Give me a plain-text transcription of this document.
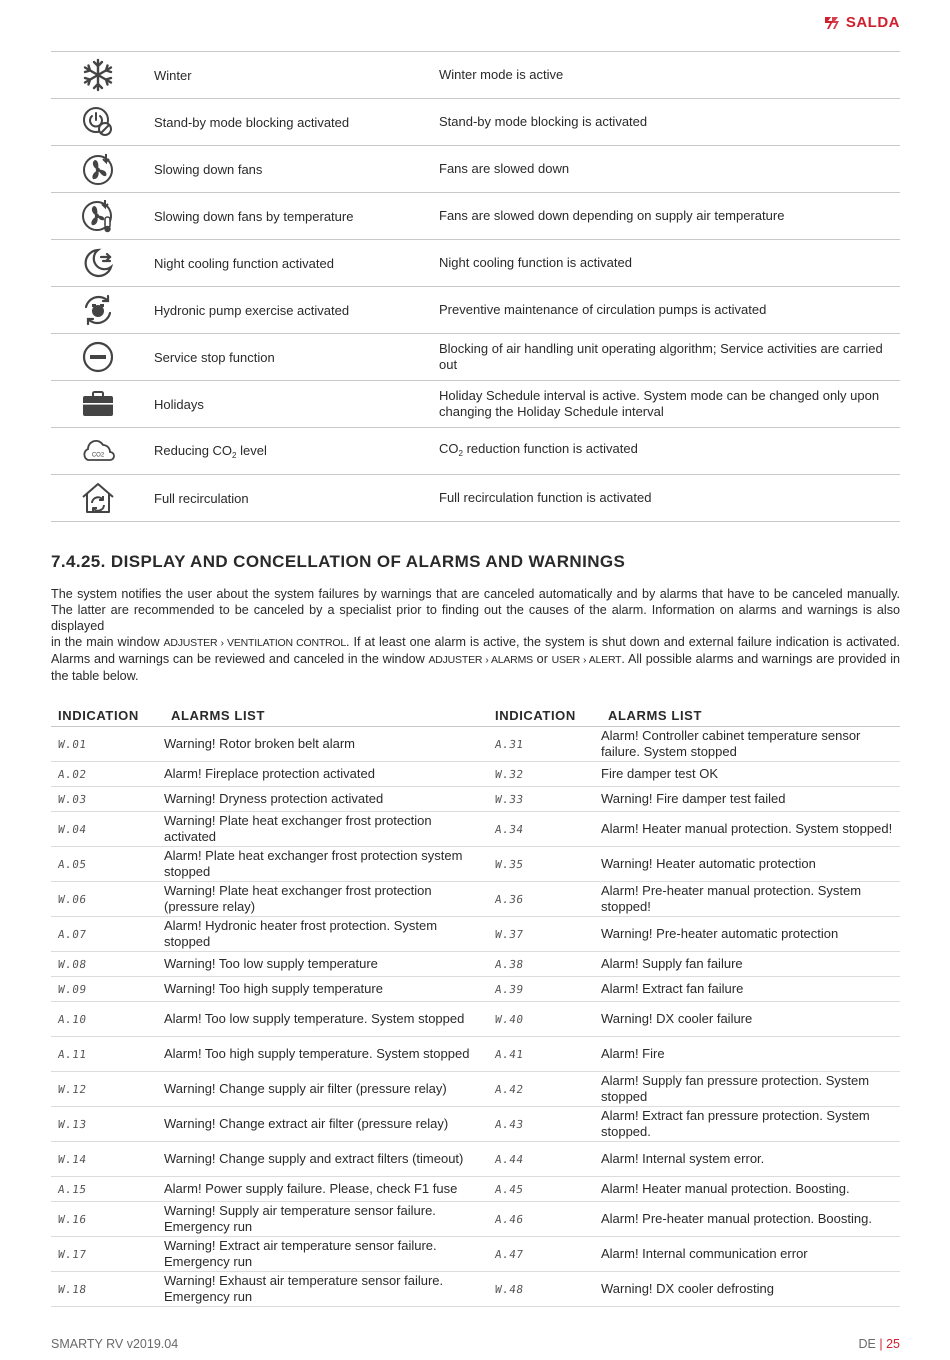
SALDA
	Winter	Winter mode is active

	Stand-by mode blocking activated	Stand-by mode blocking is activated

	Slowing down fans	Fans are slowed down

	Slowing down fans by temperature	Fans are slowed down depending on supply air temperature

	Night cooling function activated	Night cooling function is activated

	Hydronic pump exercise activated	Preventive maintenance of circulation pumps is activated

	Service stop function	Blocking of air handling unit operating algorithm; Service activities are carried out

	Holidays	Holiday Schedule interval is active. System mode can be changed only upon changing the Holiday Schedule interval

CO2	Reducing $CO_2$ level	$CO_2$ reduction function is activated

	Full recirculation	Full recirculation function is activated
7.4.25. DISPLAY AND CONCELLATION OF ALARMS AND WARNINGS

The system notifies the user about the system failures by warnings that are canceled automatically and by alarms that have to be canceled manually. The latter are recommended to be canceled by a specialist prior to finding out the causes of the alarm. Information on alarms and warnings is also displayed
in the main window ADJUSTER › VENTILATION CONTROL. If at least one alarm is active, the system is shut down and external failure indication is activated. Alarms and warnings can be reviewed and canceled in the window ADJUSTER › ALARMS or USER › ALERT. All possible alarms and warnings are provided in the table below.

INDICATION	ALARMS LIST	INDICATION	ALARMS LIST
W.01	Warning! Rotor broken belt alarm	A.31	Alarm! Controller cabinet temperature sensor failure. System stopped
A.02	Alarm! Fireplace protection activated	W.32	Fire damper test OK
W.03	Warning! Dryness protection activated	W.33	Warning! Fire damper test failed
W.04	Warning! Plate heat exchanger frost protection activated	A.34	Alarm! Heater manual protection. System stopped!
A.05	Alarm! Plate heat exchanger frost protection system stopped	W.35	Warning! Heater automatic protection
W.06	Warning! Plate heat exchanger frost protection (pressure relay)	A.36	Alarm! Pre-heater manual protection. System stopped!
A.07	Alarm! Hydronic heater frost protection. System stopped	W.37	Warning! Pre-heater automatic protection
W.08	Warning! Too low supply temperature	A.38	Alarm! Supply fan failure
W.09	Warning! Too high supply temperature	A.39	Alarm! Extract fan failure
A.10	Alarm! Too low supply temperature. System stopped	W.40	Warning! DX cooler failure
A.11	Alarm! Too high supply temperature. System stopped	A.41	Alarm! Fire
W.12	Warning! Change supply air filter (pressure relay)	A.42	Alarm! Supply fan pressure protection. System stopped
W.13	Warning! Change extract air filter (pressure relay)	A.43	Alarm! Extract fan pressure protection. System stopped.
W.14	Warning! Change supply and extract filters (timeout)	A.44	Alarm! Internal system error.
A.15	Alarm! Power supply failure. Please, check F1 fuse	A.45	Alarm! Heater manual protection. Boosting.
W.16	Warning! Supply air temperature sensor failure. Emergency run	A.46	Alarm! Pre-heater manual protection. Boosting.
W.17	Warning! Extract air temperature sensor failure. Emergency run	A.47	Alarm! Internal communication error
W.18	Warning! Exhaust air temperature sensor failure. Emergency run	W.48	Warning! DX cooler defrosting
SMARTY RV v2019.04	DE | 25
